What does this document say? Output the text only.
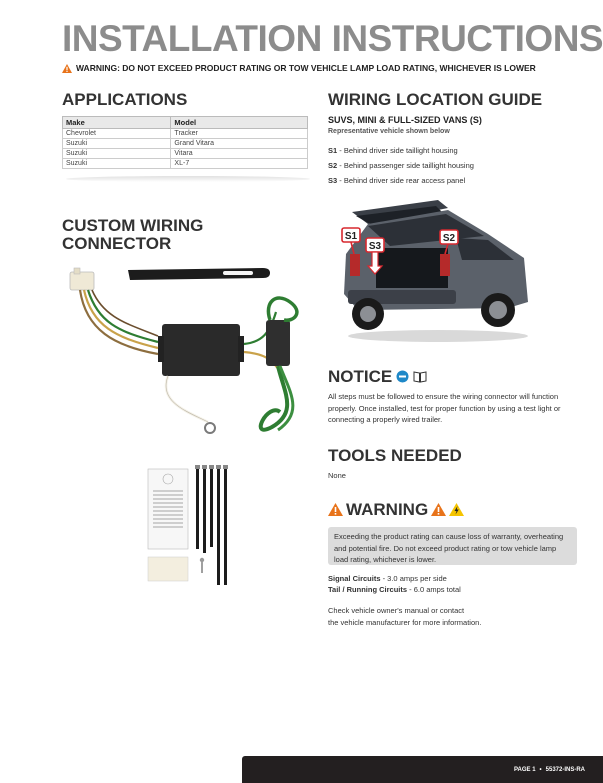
INSTALLATION INSTRUCTIONS
WARNING: DO NOT EXCEED PRODUCT RATING OR TOW VEHICLE LAMP LOAD RATING, WHICHEVER IS LOWER
APPLICATIONS
Make	Model
Chevrolet	Tracker
Suzuki	Grand Vitara
Suzuki	Vitara
Suzuki	XL-7
CUSTOM WIRING
CONNECTOR
WIRING LOCATION GUIDE
SUVS, MINI & FULL-SIZED VANS (S)
Representative vehicle shown below
S1 - Behind driver side taillight housing
S2 - Behind passenger side taillight housing
S3 - Behind driver side rear access panel
S1
S3
S2
NOTICE
All steps must be followed to ensure the wiring connector will function properly. Once installed, test for proper function by using a test light or connecting a properly wired trailer.
TOOLS NEEDED
None
WARNING
Exceeding the product rating can cause loss of warranty, overheating and potential fire. Do not exceed product rating or tow vehicle lamp load rating, whichever is lower.
Signal Circuits - 3.0 amps per side
Tail / Running Circuits - 6.0 amps total
Check vehicle owner's manual or contact
the vehicle manufacturer for more information.
PAGE 1 • 55372-INS-RA
